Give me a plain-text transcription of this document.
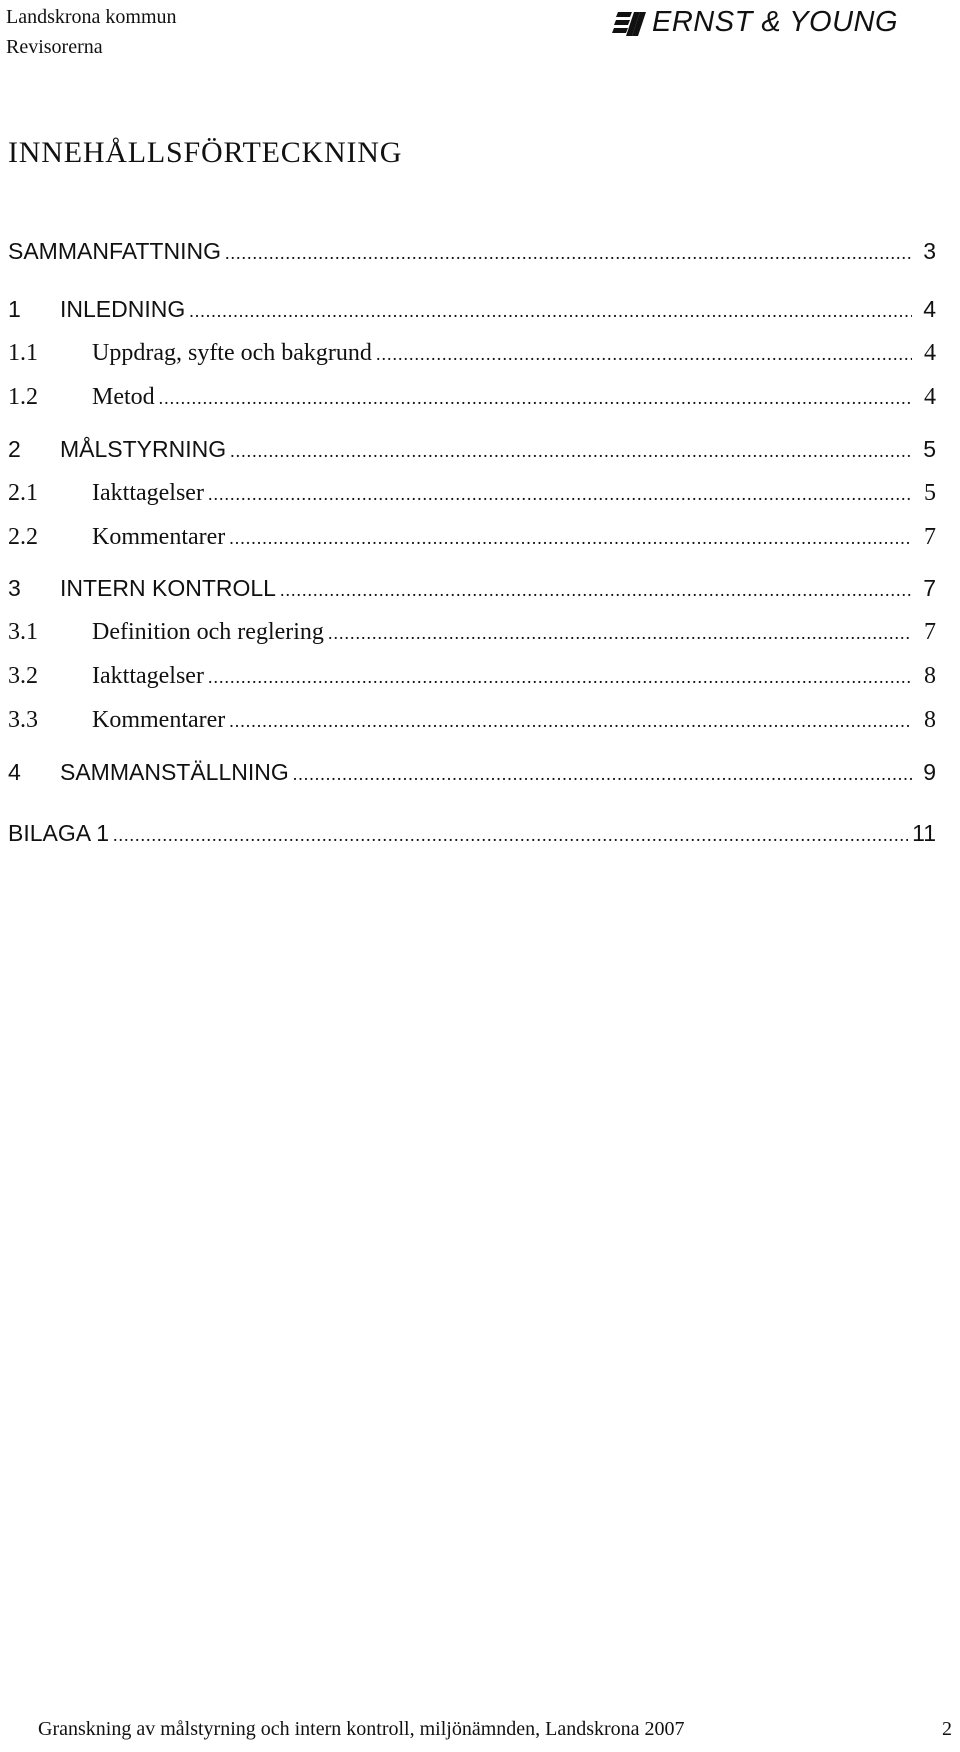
Landskrona kommun
Revisorerna
ERNST & YOUNG
INNEHÅLLSFÖRTECKNING
SAMMANFATTNING .....	3
1	INLEDNING .....	4
1.1	Uppdrag, syfte och bakgrund .....	4
1.2	Metod .....	4
2	MÅLSTYRNING .....	5
2.1	Iakttagelser .....	5
2.2	Kommentarer .....	7
3	INTERN KONTROLL .....	7
3.1	Definition och reglering .....	7
3.2	Iakttagelser .....	8
3.3	Kommentarer .....	8
4	SAMMANSTÄLLNING .....	9
BILAGA 1 .....	11
Granskning av målstyrning och intern kontroll, miljönämnden, Landskrona 2007	2
